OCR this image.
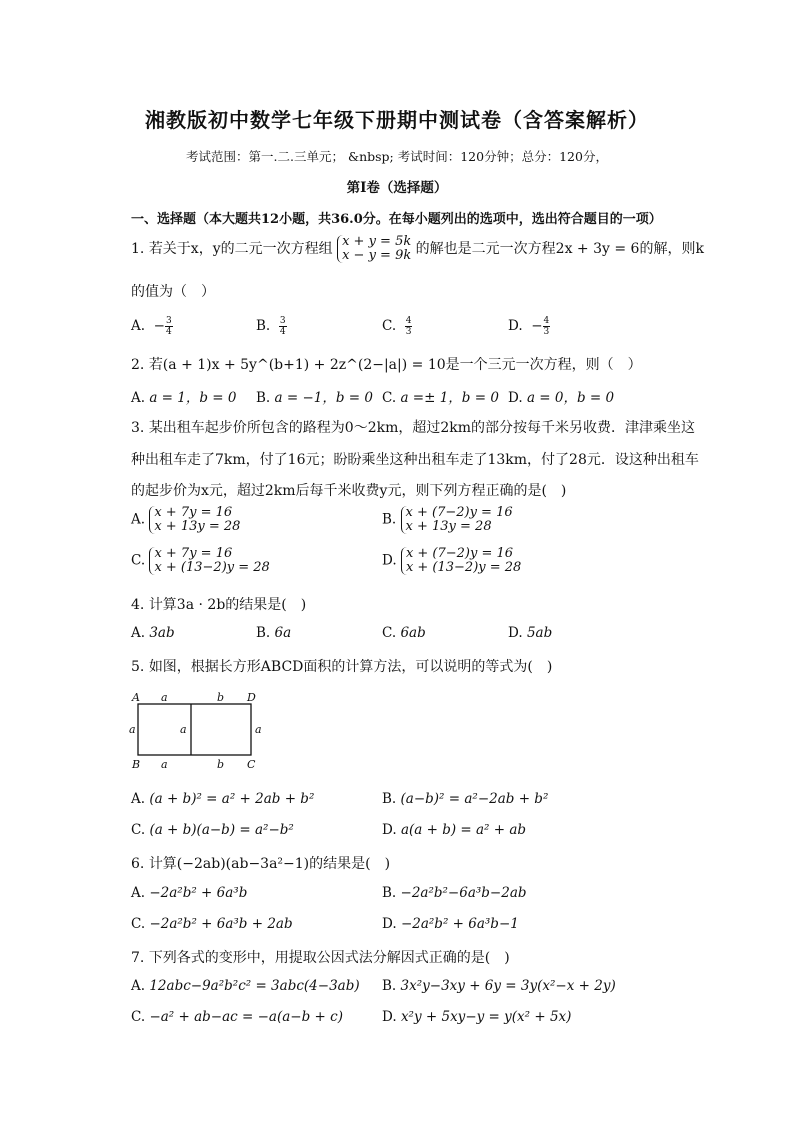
湘教版初中数学七年级下册期中测试卷（含答案解析）
考试范围：第一.二.三单元； &nbsp; 考试时间：120分钟；总分：120分，
第Ⅰ卷（选择题）
一、选择题（本大题共12小题，共36.0分。在每小题列出的选项中，选出符合题目的一项）
1. 若关于x，y的二元一次方程组 x + y = 5k
x − y = 9k 的解也是二元一次方程2x + 3y = 6的解，则k
的值为（　）
A.  − $\frac{3}{4}$	B. $\frac{3}{4}$	C. $\frac{4}{3}$	D.  − $\frac{4}{3}$
2. 若(a + 1)x + 5y^(b+1) + 2z^(2−|a|) = 10是一个三元一次方程，则（　）
A. a = 1，b = 0 B. a = −1，b = 0 C. a =± 1，b = 0 D. a = 0，b = 0
3. 某出租车起步价所包含的路程为0～2km，超过2km的部分按每千米另收费．津津乘坐这
种出租车走了7km，付了16元；盼盼乘坐这种出租车走了13km，付了28元．设这种出租车
的起步价为x元，超过2km后每千米收费y元，则下列方程正确的是(　)
A. x + 7y = 16
x + 13y = 28	B. x + (7−2)y = 16
x + 13y = 28
C. x + 7y = 16
x + (13−2)y = 28	D. x + (7−2)y = 16
x + (13−2)y = 28
4. 计算3a · 2b的结果是(　)
A. 3ab	B. 6a	C. 6ab	D. 5ab
5. 如图，根据长方形ABCD面积的计算方法，可以说明的等式为(　)
A a	b D
a	a	a
B a	b C
A. (a + b)² = a² + 2ab + b²	B. (a−b)² = a²−2ab + b²
C. (a + b)(a−b) = a²−b²	D. a(a + b) = a² + ab
6. 计算(−2ab)(ab−3a²−1)的结果是(　)
A. −2a²b² + 6a³b	B. −2a²b²−6a³b−2ab
C. −2a²b² + 6a³b + 2ab	D. −2a²b² + 6a³b−1
7. 下列各式的变形中，用提取公因式法分解因式正确的是(　)
A. 12abc−9a²b²c² = 3abc(4−3ab) B. 3x²y−3xy + 6y = 3y(x²−x + 2y)
C. −a² + ab−ac = −a(a−b + c)	D. x²y + 5xy−y = y(x² + 5x)
